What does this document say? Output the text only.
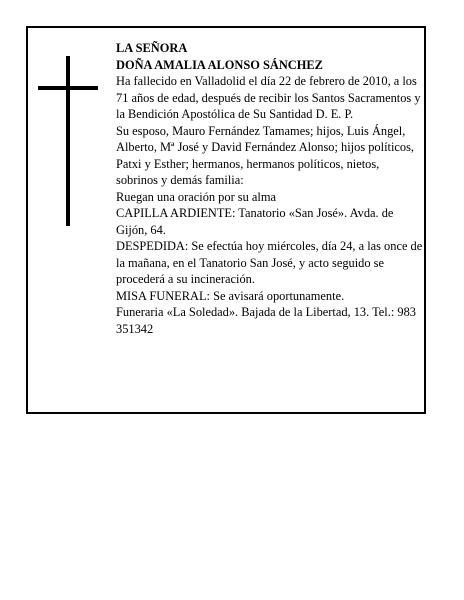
LA SEÑORA

DOÑA AMALIA ALONSO SÁNCHEZ

Ha fallecido en Valladolid el día 22 de febrero de 2010, a los 71 años de edad, después de recibir los Santos Sacramentos y la Bendición Apostólica de Su Santidad D. E. P.

Su esposo, Mauro Fernández Tamames; hijos, Luis Ángel, Alberto, Mª José y David Fernández Alonso; hijos políticos, Patxi y Esther; hermanos, hermanos políticos, nietos, sobrinos y demás familia:

Ruegan una oración por su alma

CAPILLA ARDIENTE: Tanatorio «San José». Avda. de Gijón, 64.

DESPEDIDA: Se efectúa hoy miércoles, día 24, a las once de la mañana, en el Tanatorio San José, y acto seguido se procederá a su incineración.

MISA FUNERAL: Se avisará oportunamente.

Funeraria «La Soledad». Bajada de la Libertad, 13. Tel.: 983 351342
